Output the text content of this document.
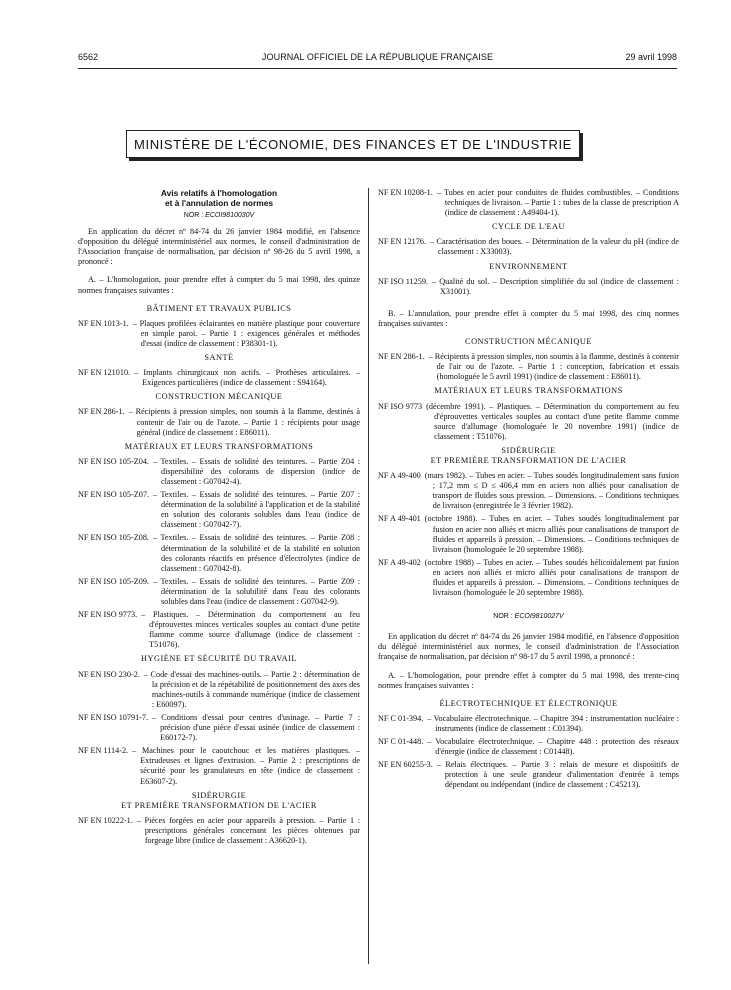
6562	JOURNAL OFFICIEL DE LA RÉPUBLIQUE FRANÇAISE	29 avril 1998
MINISTÈRE DE L'ÉCONOMIE, DES FINANCES ET DE L'INDUSTRIE
Avis relatifs à l'homologation
et à l'annulation de normes
NOR : ECOI9810030V

En application du décret nº 84-74 du 26 janvier 1984 modifié, en l'absence d'opposition du délégué interministériel aux normes, le conseil d'administration de l'Association française de normalisation, par décision nº 98-26 du 5 avril 1998, a prononcé :

A. – L'homologation, pour prendre effet à compter du 5 mai 1998, des quinze normes françaises suivantes :

BÂTIMENT ET TRAVAUX PUBLICS
NF EN 1013-1. – Plaques profilées éclairantes en matière plastique pour couverture en simple paroi. – Partie 1 : exigences générales et méthodes d'essai (indice de classement : P38301-1).
SANTÉ
NF EN 121010. – Implants chirurgicaux non actifs. – Prothèses articulaires. – Exigences particulières (indice de classement : S94164).
CONSTRUCTION MÉCANIQUE
NF EN 286-1. – Récipients à pression simples, non soumis à la flamme, destinés à contenir de l'air ou de l'azote. – Partie 1 : récipients pour usage général (indice de classement : E86011).
MATÉRIAUX ET LEURS TRANSFORMATIONS
NF EN ISO 105-Z04. – Textiles. – Essais de solidité des teintures. – Partie Z04 : dispersibilité des colorants de dispersion (indice de classement : G07042-4).
NF EN ISO 105-Z07. – Textiles. – Essais de solidité des teintures. – Partie Z07 : détermination de la solubilité à l'application et de la stabilité en solution des colorants solubles dans l'eau (indice de classement : G07042-7).
NF EN ISO 105-Z08. – Textiles. – Essais de solidité des teintures. – Partie Z08 : détermination de la solubilité et de la stabilité en solution des colorants réactifs en présence d'électrolytes (indice de classement : G07042-8).
NF EN ISO 105-Z09. – Textiles. – Essais de solidité des teintures. – Partie Z09 : détermination de la solubilité dans l'eau des colorants solubles dans l'eau (indice de classement : G07042-9).
NF EN ISO 9773. – Plastiques. – Détermination du comportement au feu d'éprouvettes minces verticales souples au contact d'une petite flamme comme source d'allumage (indice de classement : T51076).
HYGIÈNE ET SÉCURITÉ DU TRAVAIL
NF EN ISO 230-2. – Code d'essai des machines-outils. – Partie 2 : détermination de la précision et de la répétabilité de positionnement des axes des machines-outils à commande numérique (indice de classement : E60097).
NF EN ISO 10791-7. – Conditions d'essai pour centres d'usinage. – Partie 7 : précision d'une pièce d'essai usinée (indice de classement : E60172-7).
NF EN 1114-2. – Machines pour le caoutchouc et les matières plastiques. – Extrudeuses et lignes d'extrusion. – Partie 2 : prescriptions de sécurité pour les granulateurs en tête (indice de classement : E63607-2).
SIDÉRURGIE
ET PREMIÈRE TRANSFORMATION DE L'ACIER
NF EN 10222-1. – Pièces forgées en acier pour appareils à pression. – Partie 1 : prescriptions générales concernant les pièces obtenues par forgeage libre (indice de classement : A36620-1).
NF EN 10208-1. – Tubes en acier pour conduites de fluides combustibles. – Conditions techniques de livraison. – Partie 1 : tubes de la classe de prescription A (indice de classement : A49404-1).
CYCLE DE L'EAU
NF EN 12176. – Caractérisation des boues. – Détermination de la valeur du pH (indice de classement : X33003).
ENVIRONNEMENT
NF ISO 11259. – Qualité du sol. – Description simplifiée du sol (indice de classement : X31001).

B. – L'annulation, pour prendre effet à compter du 5 mai 1998, des cinq normes françaises suivantes :

CONSTRUCTION MÉCANIQUE
NF EN 286-1. – Récipients à pression simples, non soumis à la flamme, destinés à contenir de l'air ou de l'azote. – Partie 1 : conception, fabrication et essais (homologuée le 5 avril 1991) (indice de classement : E86011).
MATÉRIAUX ET LEURS TRANSFORMATIONS
NF ISO 9773 (décembre 1991). – Plastiques. – Détermination du comportement au feu d'éprouvettes verticales souples au contact d'une petite flamme comme source d'allumage (homologuée le 20 novembre 1991) (indice de classement : T51076).
SIDÉRURGIE
ET PREMIÈRE TRANSFORMATION DE L'ACIER
NF A 49-400 (mars 1982). – Tubes en acier. – Tubes soudés longitudinalement sans fusion ; 17,2 mm ≤ D ≤ 406,4 mm en aciers non alliés pour canalisation de transport de fluides sous pression. – Dimensions. – Conditions techniques de livraison (enregistrée le 3 février 1982).
NF A 49-401 (octobre 1988). – Tubes en acier. – Tubes soudés longitudinalement par fusion en acier non alliés et micro alliés pour canalisations de transport de fluides et appareils à pression. – Dimensions. – Conditions techniques de livraison (homologuée le 20 septembre 1988).
NF A 49-402 (octobre 1988) – Tubes en acier. – Tubes soudés hélicoïdalement par fusion en aciers non alliés et micro alliés pour canalisations de transport de fluides et appareils à pression. – Dimensions. – Conditions techniques de livraison (homologuée le 20 septembre 1988).
NOR : ECOI9810027V

En application du décret nº 84-74 du 26 janvier 1984 modifié, en l'absence d'opposition du délégué interministériel aux normes, le conseil d'administration de l'Association française de normalisation, par décision nº 98-17 du 5 avril 1998, a prononcé :

A. – L'homologation, pour prendre effet à compter du 5 mai 1998, des trente-cinq normes françaises suivantes :

ÉLECTROTECHNIQUE ET ÉLECTRONIQUE
NF C 01-394. – Vocabulaire électrotechnique. – Chapitre 394 : instrumentation nucléaire : instruments (indice de classement : C01394).
NF C 01-448. – Vocabulaire électrotechnique. – Chapitre 448 : protection des réseaux d'énergie (indice de classement : C01448).
NF EN 60255-3. – Relais électriques. – Partie 3 : relais de mesure et dispositifs de protection à une seule grandeur d'alimentation d'entrée à temps dépendant ou indépendant (indice de classement : C45213).
